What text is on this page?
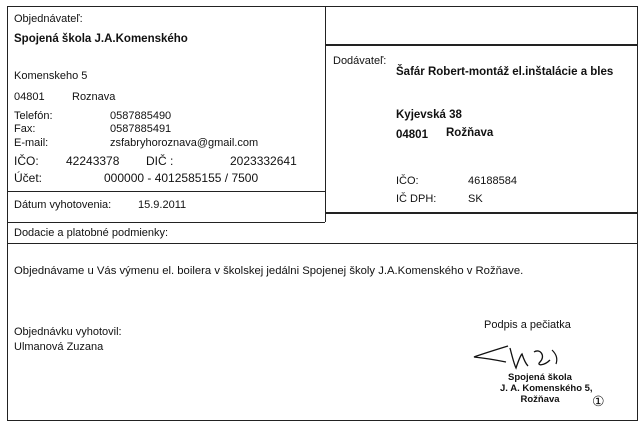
Objednávateľ:
Spojená škola J.A.Komenského
Komenskeho 5
04801 Roznava
Telefón:	0587885490
Fax:	0587885491
E-mail:	zsfabryhoroznava@gmail.com
IČO: 42243378 DIČ :	2023332641
Účet:	000000 - 4012585155 / 7500
Dátum vyhotovenia: 15.9.2011
Dodávateľ:
Šafár Robert-montáž el.inštalácie a bles
Kyjevská 38
04801 Rožňava
IČO:	46188584
IČ DPH:	SK
Dodacie a platobné podmienky:
Objednávame u Vás výmenu el. boilera v školskej jedálni Spojenej školy J.A.Komenského v Rožňave.
Objednávku vyhotovil:
Ulmanová Zuzana
Podpis a pečiatka
Spojená škola
J. A. Komenského 5,
Rožňava	①
